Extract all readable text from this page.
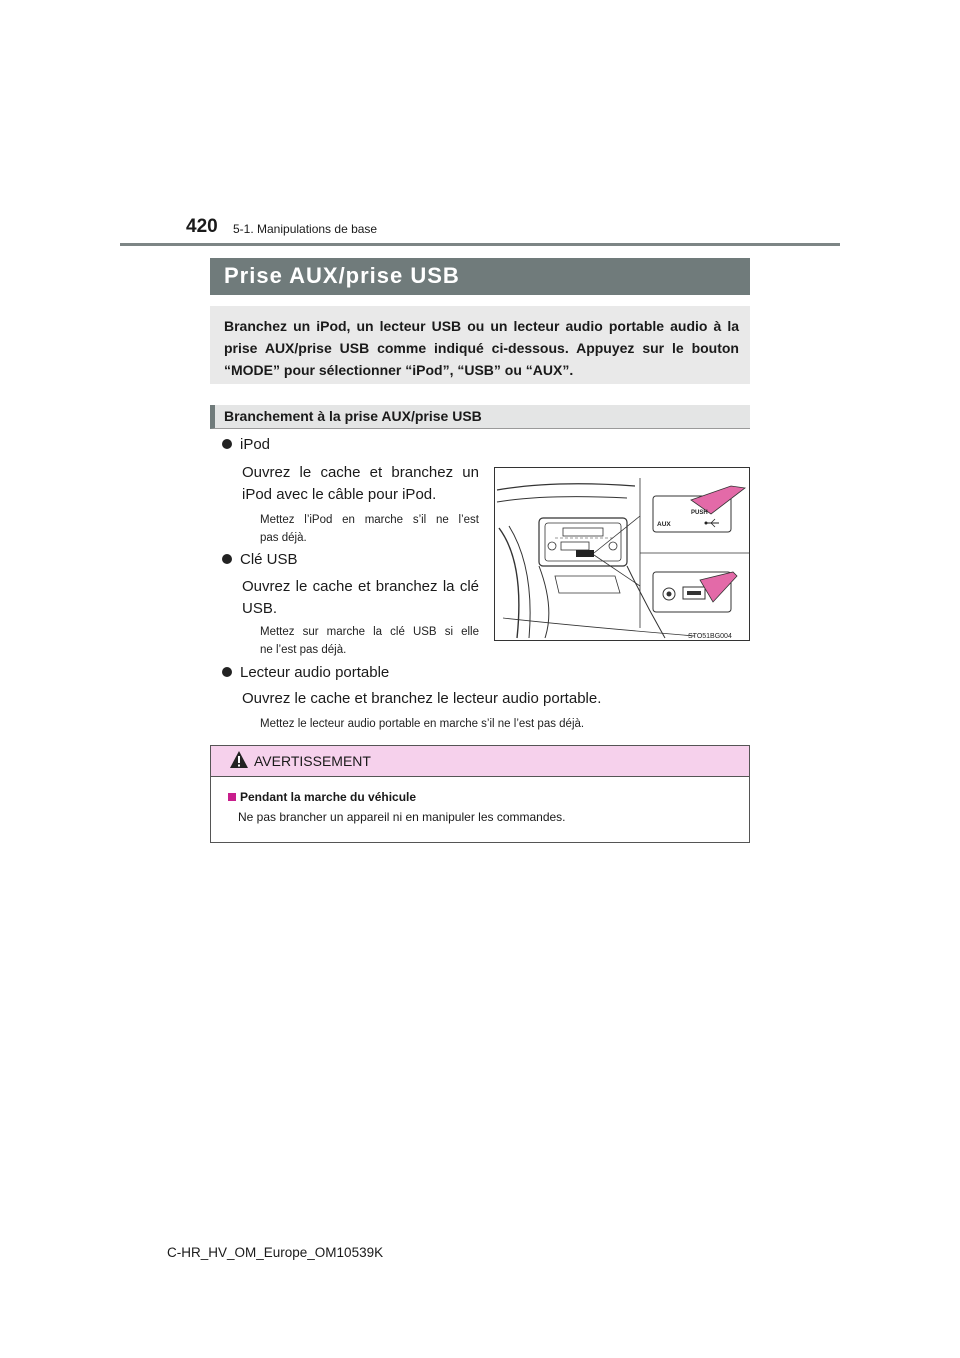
420 5-1. Manipulations de base
Prise AUX/prise USB
Branchez un iPod, un lecteur USB ou un lecteur audio portable audio à la prise AUX/prise USB comme indiqué ci-dessous. Appuyez sur le bouton “MODE” pour sélectionner “iPod”, “USB” ou “AUX”.
Branchement à la prise AUX/prise USB
iPod
Ouvrez le cache et branchez un
iPod avec le câble pour iPod.
Mettez l’iPod en marche s’il ne l’est
pas déjà.
Clé USB
Ouvrez le cache et branchez la clé
USB.
Mettez sur marche la clé USB si elle
ne l’est pas déjà.
Lecteur audio portable
Ouvrez le cache et branchez le lecteur audio portable.
Mettez le lecteur audio portable en marche s’il ne l’est pas déjà.
PUSH
AUX
STO51BG004
AVERTISSEMENT
Pendant la marche du véhicule
Ne pas brancher un appareil ni en manipuler les commandes.
C-HR_HV_OM_Europe_OM10539K
